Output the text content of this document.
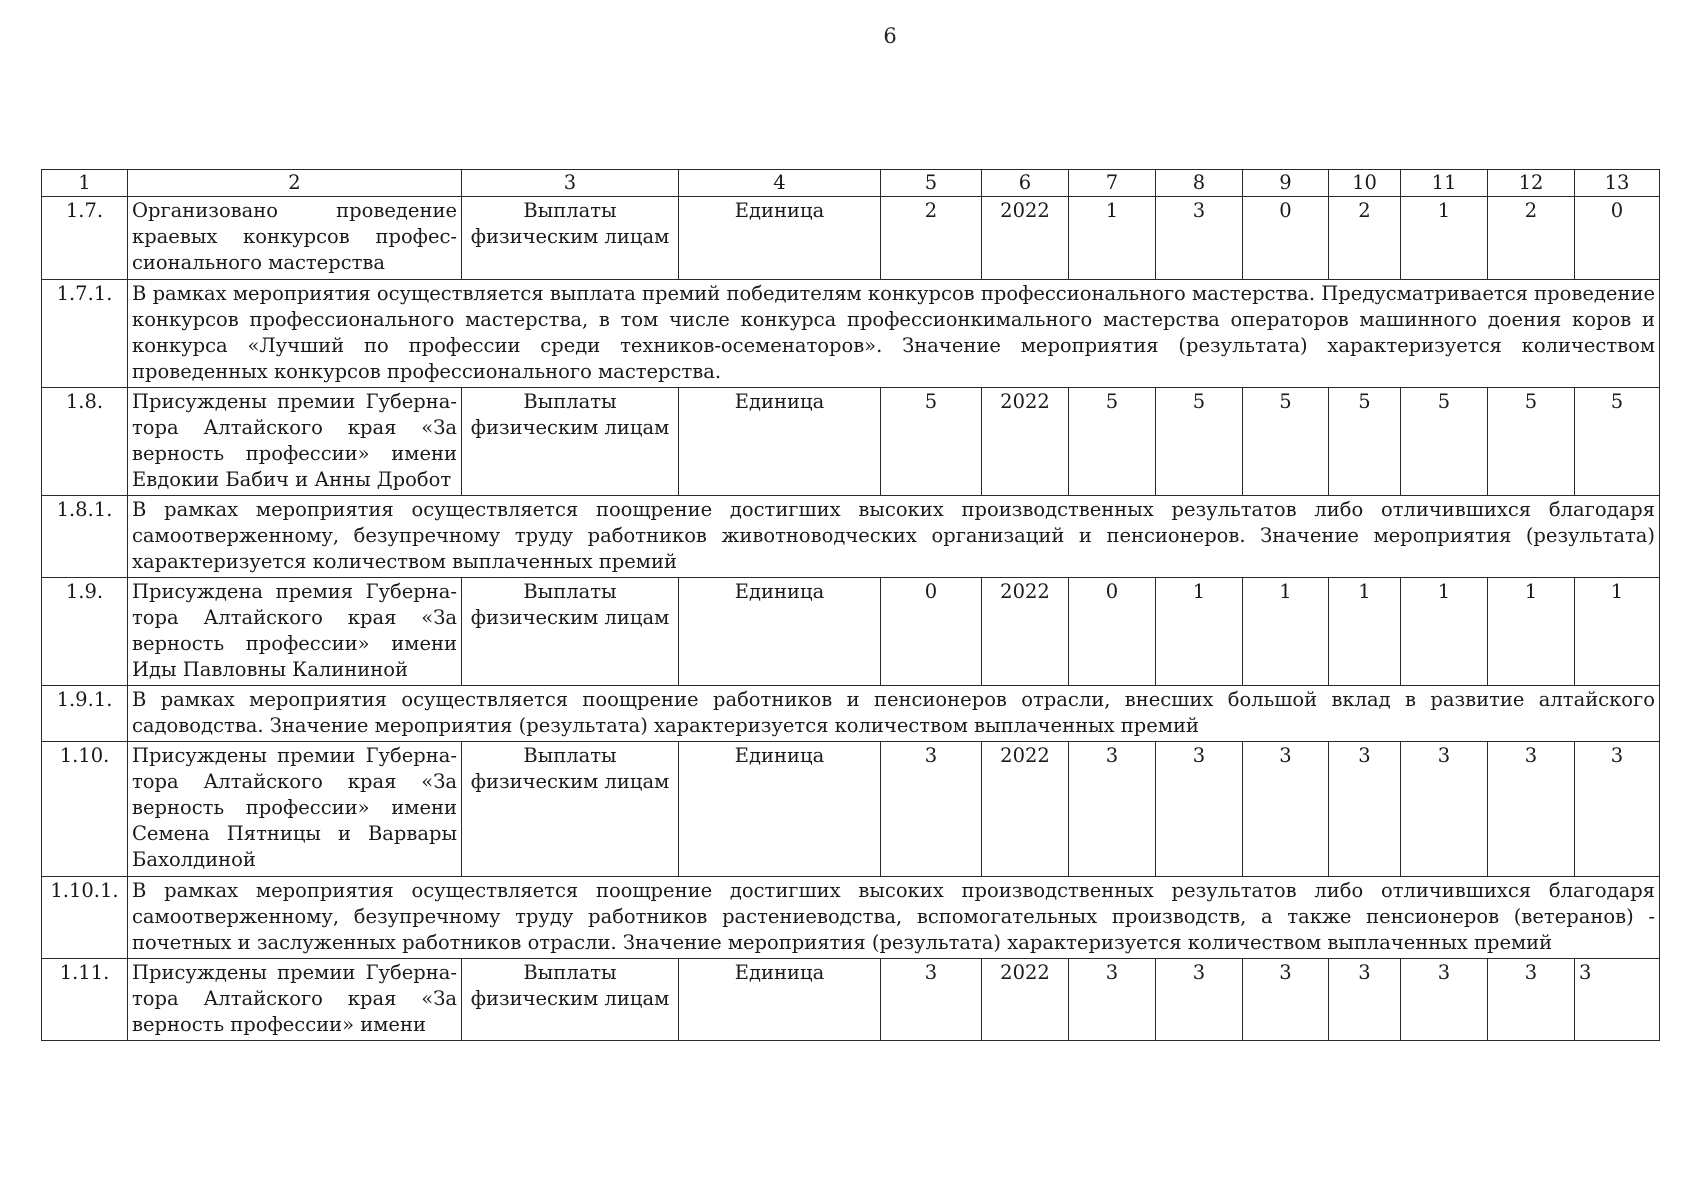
6
1	2	3	4	5	6	7	8	9	10	11	12	13
1.7.	Организовано проведение краевых конкурсов профес-сионального мастерства	Выплаты физическим лицам	Единица	2	2022	1	3	0	2	1	2	0
1.7.1.	В рамках мероприятия осуществляется выплата премий победителям конкурсов профессионального мастерства. Предусматривается проведение конкурсов профессионального мастерства, в том числе конкурса профессионкимального мастерства операторов машинного доения коров и конкурса «Лучший по профессии среди техников-осеменаторов». Значение мероприятия (результата) характеризуется количеством проведенных конкурсов профессионального мастерства.											
1.8.	Присуждены премии Губерна-тора Алтайского края «За верность профессии» имени Евдокии Бабич и Анны Дробот	Выплаты физическим лицам	Единица	5	2022	5	5	5	5	5	5	5
1.8.1.	В рамках мероприятия осуществляется поощрение достигших высоких производственных результатов либо отличившихся благодаря самоотверженному, безупречному труду работников животноводческих организаций и пенсионеров. Значение мероприятия (результата) характеризуется количеством выплаченных премий											
1.9.	Присуждена премия Губерна-тора Алтайского края «За верность профессии» имени Иды Павловны Калининой	Выплаты физическим лицам	Единица	0	2022	0	1	1	1	1	1	1
1.9.1.	В рамках мероприятия осуществляется поощрение работников и пенсионеров отрасли, внесших большой вклад в развитие алтайского садоводства. Значение мероприятия (результата) характеризуется количеством выплаченных премий											
1.10.	Присуждены премии Губерна-тора Алтайского края «За верность профессии» имени Семена Пятницы и Варвары Бахолдиной	Выплаты физическим лицам	Единица	3	2022	3	3	3	3	3	3	3
1.10.1.	В рамках мероприятия осуществляется поощрение достигших высоких производственных результатов либо отличившихся благодаря самоотверженному, безупречному труду работников растениеводства, вспомогательных производств, а также пенсионеров (ветеранов) - почетных и заслуженных работников отрасли. Значение мероприятия (результата) характеризуется количеством выплаченных премий											
1.11.	Присуждены премии Губерна-тора Алтайского края «За верность профессии» имени	Выплаты физическим лицам	Единица	3	2022	3	3	3	3	3	3	3
